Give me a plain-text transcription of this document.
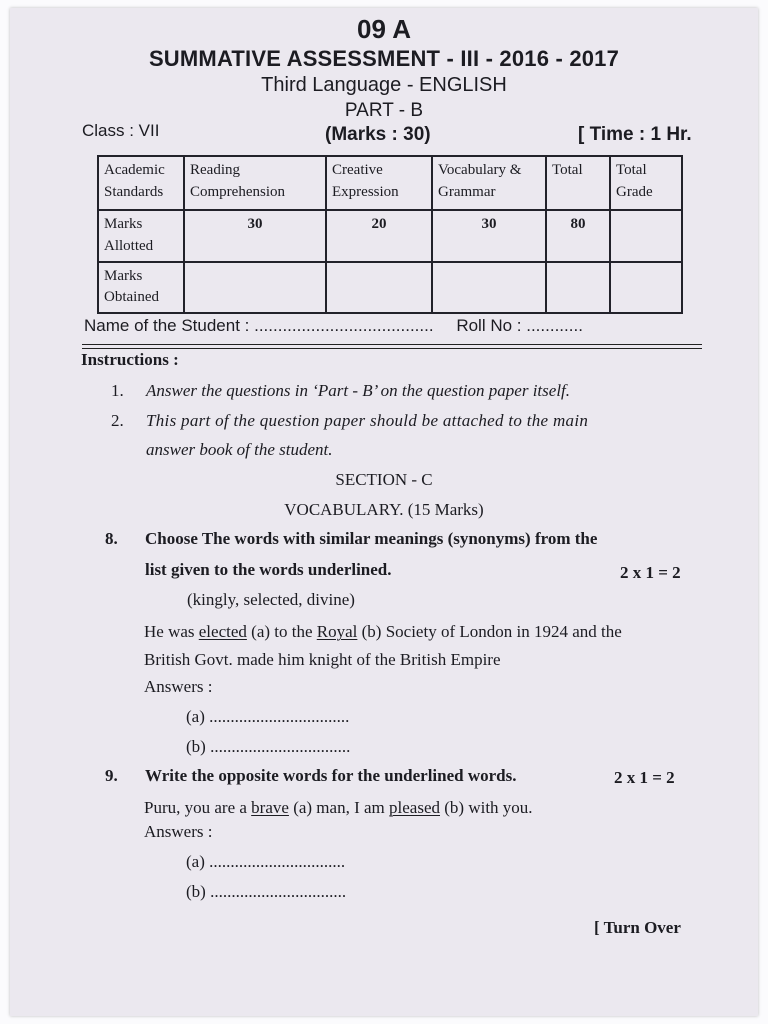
09 A
SUMMATIVE ASSESSMENT - III - 2016 - 2017
Third Language - ENGLISH
PART - B
Class : VII	(Marks : 30)	[ Time : 1 Hr.
Academic Standards	Reading Comprehension	Creative Expression	Vocabulary & Grammar	Total	Total Grade
Marks Allotted	30	20	30	80	
Marks Obtained					
Name of the Student : ...................................... Roll No : ............
Instructions :
1. Answer the questions in ‘Part - B’ on the question paper itself.
2. This part of the question paper should be attached to the main
answer book of the student.
SECTION - C
VOCABULARY. (15 Marks)
8. Choose The words with similar meanings (synonyms) from the
list given to the words underlined.	2 x 1 = 2
(kingly, selected, divine)
He was elected (a) to the Royal (b) Society of London in 1924 and the
British Govt. made him knight of the British Empire
Answers :
(a) .................................
(b) .................................
9. Write the opposite words for the underlined words.	2 x 1 = 2
Puru, you are a brave (a) man, I am pleased (b) with you.
Answers :
(a) ................................
(b) ................................
[ Turn Over
